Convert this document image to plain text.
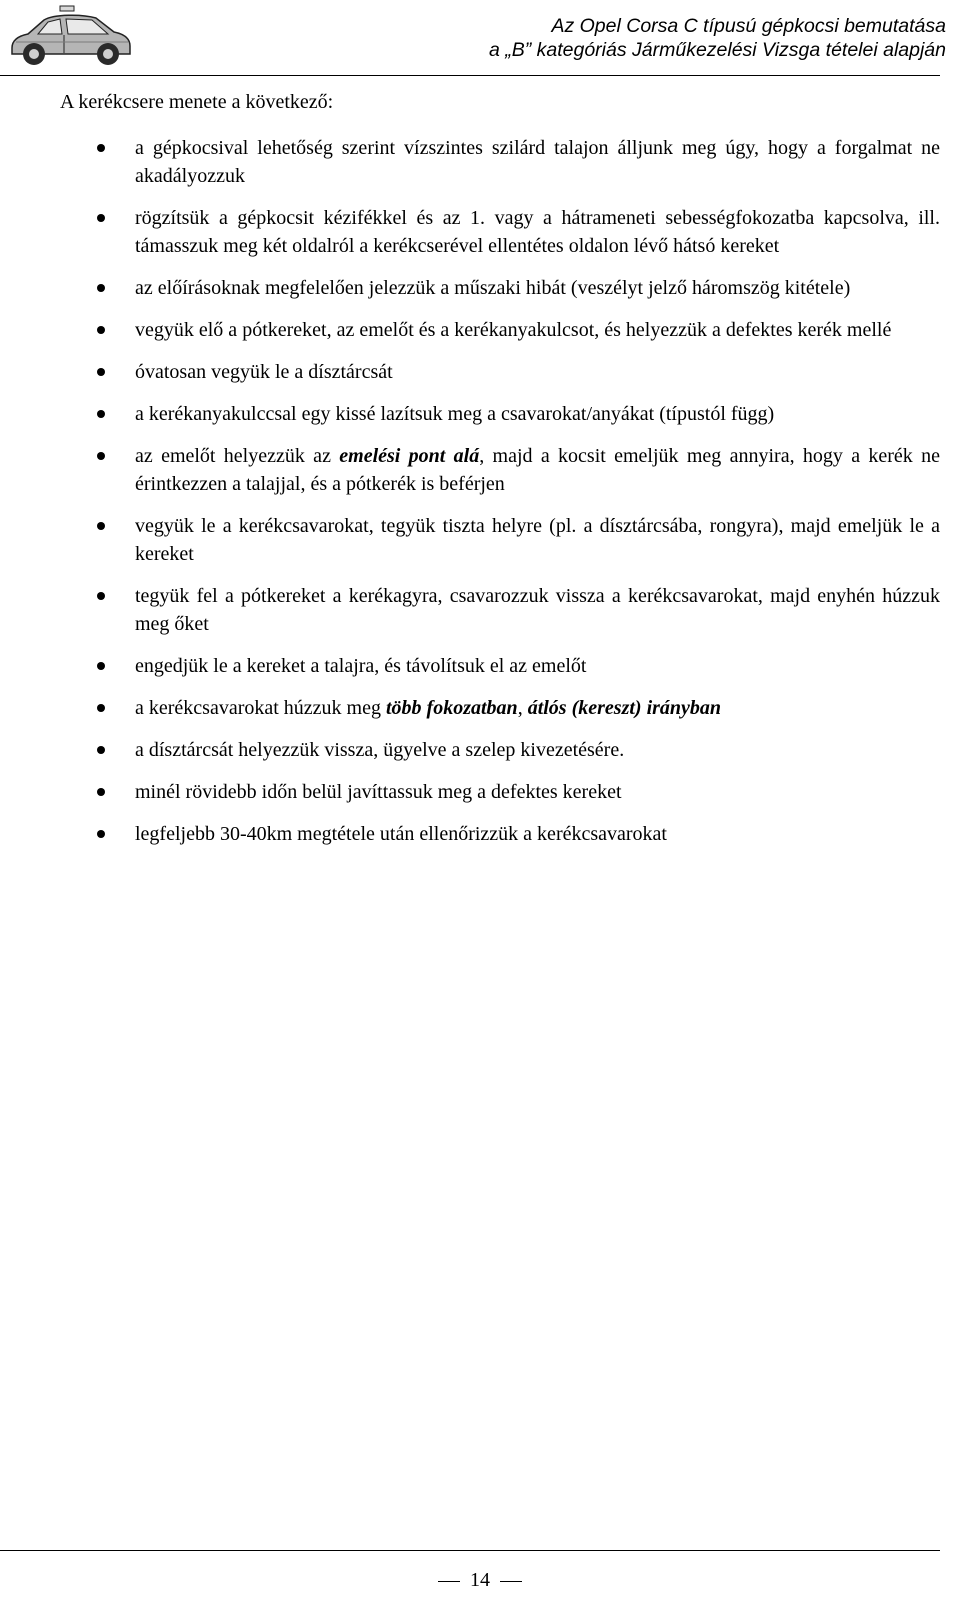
Az Opel Corsa C típusú gépkocsi bemutatása
a „B” kategóriás Járműkezelési Vizsga tételei alapján

A kerékcsere menete a következő:

a gépkocsival lehetőség szerint vízszintes szilárd talajon álljunk meg úgy, hogy a forgalmat ne akadályozzuk
rögzítsük a gépkocsit kézifékkel és az 1. vagy a hátrameneti sebességfokozatba kapcsolva, ill. támasszuk meg két oldalról a kerékcserével ellentétes oldalon lévő hátsó kereket
az előírásoknak megfelelően jelezzük a műszaki hibát (veszélyt jelző háromszög kitétele)
vegyük elő a pótkereket, az emelőt és a kerékanyakulcsot, és helyezzük a defektes kerék mellé
óvatosan vegyük le a dísztárcsát
a kerékanyakulccsal egy kissé lazítsuk meg a csavarokat/anyákat (típustól függ)
az emelőt helyezzük az emelési pont alá, majd a kocsit emeljük meg annyira, hogy a kerék ne érintkezzen a talajjal, és a pótkerék is beférjen
vegyük le a kerékcsavarokat, tegyük tiszta helyre (pl. a dísztárcsába, rongyra), majd emeljük le a kereket
tegyük fel a pótkereket a kerékagyra, csavarozzuk vissza a kerékcsavarokat, majd enyhén húzzuk meg őket
engedjük le a kereket a talajra, és távolítsuk el az emelőt
a kerékcsavarokat húzzuk meg több fokozatban, átlós (kereszt) irányban
a dísztárcsát helyezzük vissza, ügyelve a szelep kivezetésére.
minél rövidebb időn belül javíttassuk meg a defektes kereket
legfeljebb 30-40km megtétele után ellenőrizzük a kerékcsavarokat
14
